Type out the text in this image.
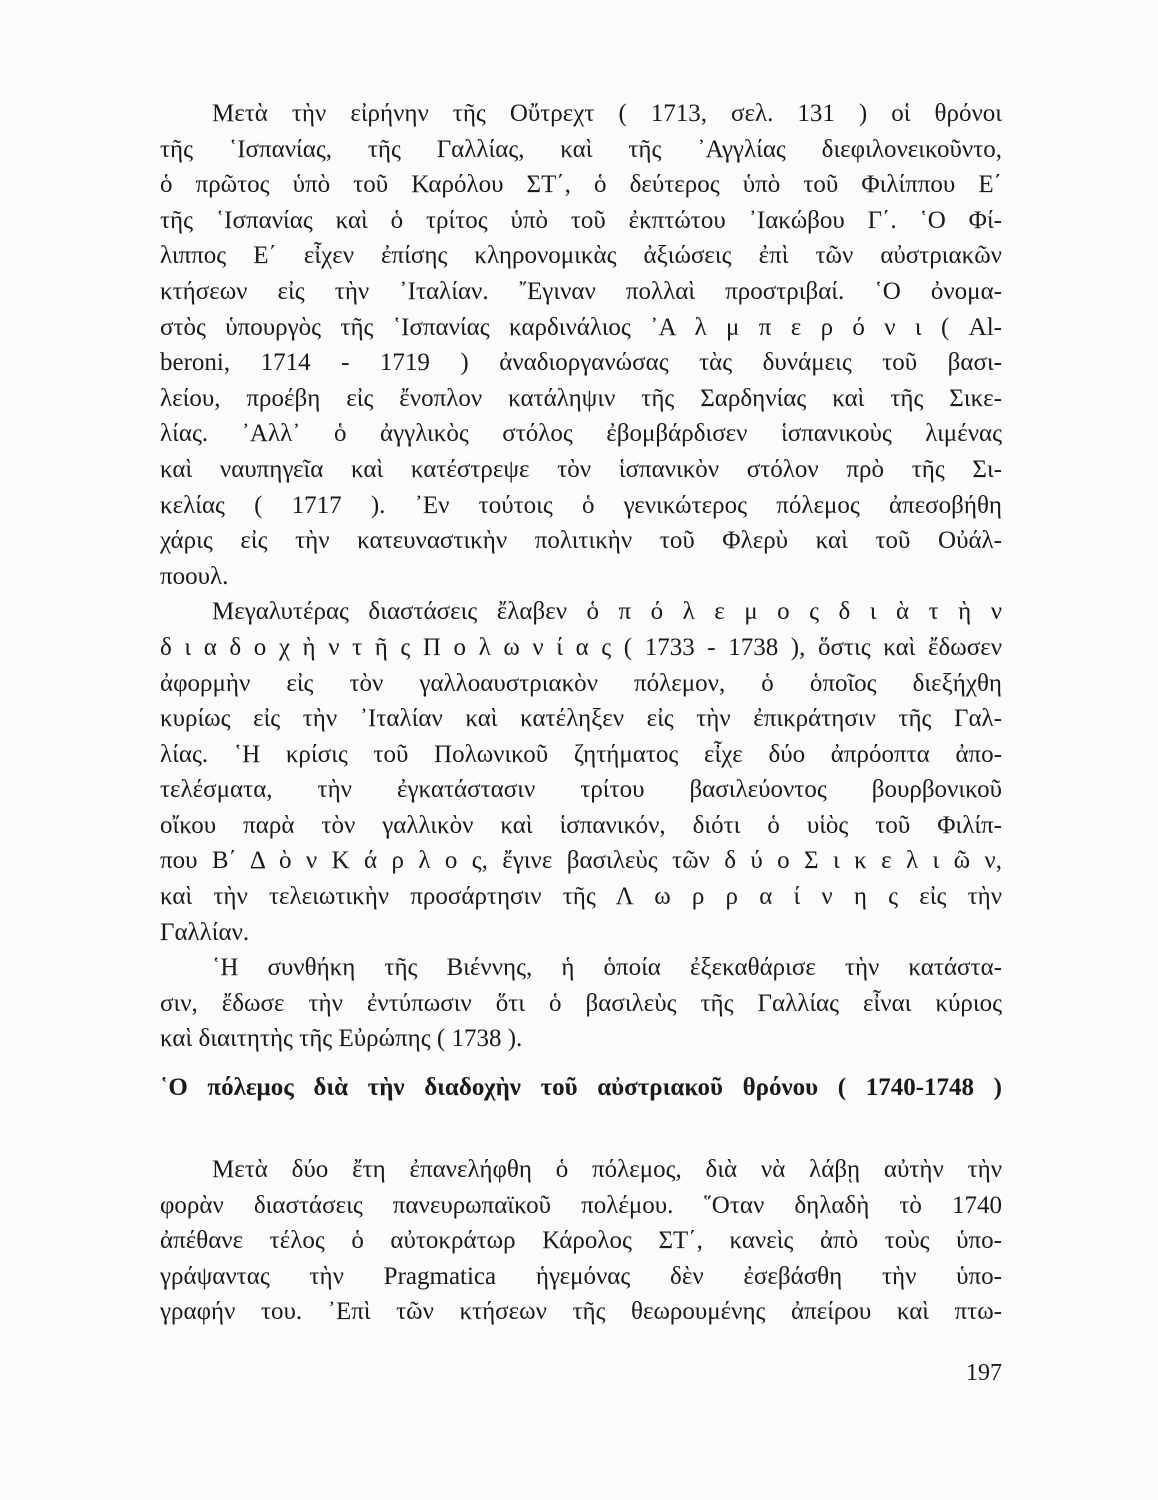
Μετὰ τὴν εἰρήνην τῆς Οὔτρεχτ ( 1713, σελ. 131 ) οἱ θρόνοι
τῆς ῾Ισπανίας, τῆς Γαλλίας, καὶ τῆς ᾿Αγγλίας διεφιλονεικοῦντο,
ὁ πρῶτος ὑπὸ τοῦ Καρόλου ΣΤ΄, ὁ δεύτερος ὑπὸ τοῦ Φιλίππου Ε΄
τῆς ῾Ισπανίας καὶ ὁ τρίτος ὑπὸ τοῦ ἐκπτώτου ᾿Ιακώβου Γ΄. ῾Ο Φί-
λιππος Ε΄ εἶχεν ἐπίσης κληρονομικὰς ἀξιώσεις ἐπὶ τῶν αὐστριακῶν
κτήσεων εἰς τὴν ᾿Ιταλίαν. ῎Εγιναν πολλαὶ προστριβαί. ῾Ο ὀνομα-
στὸς ὑπουργὸς τῆς ῾Ισπανίας καρδινάλιος ᾿Α λ μ π ε ρ ό ν ι ( Al-
beroni, 1714 - 1719 ) ἀναδιοργανώσας τὰς δυνάμεις τοῦ βασι-
λείου, προέβη εἰς ἔνοπλον κατάληψιν τῆς Σαρδηνίας καὶ τῆς Σικε-
λίας. ᾿Αλλ᾿ ὁ ἀγγλικὸς στόλος ἐβομβάρδισεν ἱσπανικοὺς λιμένας
καὶ ναυπηγεῖα καὶ κατέστρεψε τὸν ἱσπανικὸν στόλον πρὸ τῆς Σι-
κελίας ( 1717 ). ᾿Εν τούτοις ὁ γενικώτερος πόλεμος ἀπεσοβήθη
χάρις εἰς τὴν κατευναστικὴν πολιτικὴν τοῦ Φλερὺ καὶ τοῦ Οὐάλ-
ποουλ.
Μεγαλυτέρας διαστάσεις ἔλαβεν ὁ π ό λ ε μ ο ς δ ι ὰ τ ὴ ν
δ ι α δ ο χ ὴ ν τ ῆ ς Π ο λ ω ν ί α ς ( 1733 - 1738 ), ὅστις καὶ ἔδωσεν
ἀφορμὴν εἰς τὸν γαλλοαυστριακὸν πόλεμον, ὁ ὁποῖος διεξήχθη
κυρίως εἰς τὴν ᾿Ιταλίαν καὶ κατέληξεν εἰς τὴν ἐπικράτησιν τῆς Γαλ-
λίας. ῾Η κρίσις τοῦ Πολωνικοῦ ζητήματος εἶχε δύο ἀπρόοπτα ἀπο-
τελέσματα, τὴν ἐγκατάστασιν τρίτου βασιλεύοντος βουρβονικοῦ
οἴκου παρὰ τὸν γαλλικὸν καὶ ἱσπανικόν, διότι ὁ υἱὸς τοῦ Φιλίπ-
που Β΄ Δ ὸ ν Κ ά ρ λ ο ς, ἔγινε βασιλεὺς τῶν δ ύ ο Σ ι κ ε λ ι ῶ ν,
καὶ τὴν τελειωτικὴν προσάρτησιν τῆς Λ ω ρ ρ α ί ν η ς εἰς τὴν
Γαλλίαν.
῾Η συνθήκη τῆς Βιέννης, ἡ ὁποία ἐξεκαθάρισε τὴν κατάστα-
σιν, ἔδωσε τὴν ἐντύπωσιν ὅτι ὁ βασιλεὺς τῆς Γαλλίας εἶναι κύριος
καὶ διαιτητὴς τῆς Εὐρώπης ( 1738 ).
῾Ο πόλεμος διὰ τὴν διαδοχὴν τοῦ αὐστριακοῦ θρόνου ( 1740-1748 )
Μετὰ δύο ἔτη ἐπανελήφθη ὁ πόλεμος, διὰ νὰ λάβῃ αὐτὴν τὴν
φορὰν διαστάσεις πανευρωπαϊκοῦ πολέμου. ῞Οταν δηλαδὴ τὸ 1740
ἀπέθανε τέλος ὁ αὐτοκράτωρ Κάρολος ΣΤ΄, κανεὶς ἀπὸ τοὺς ὑπο-
γράψαντας τὴν Pragmatica ἡγεμόνας δὲν ἐσεβάσθη τὴν ὑπο-
γραφήν του. ᾿Επὶ τῶν κτήσεων τῆς θεωρουμένης ἀπείρου καὶ πτω-
197
